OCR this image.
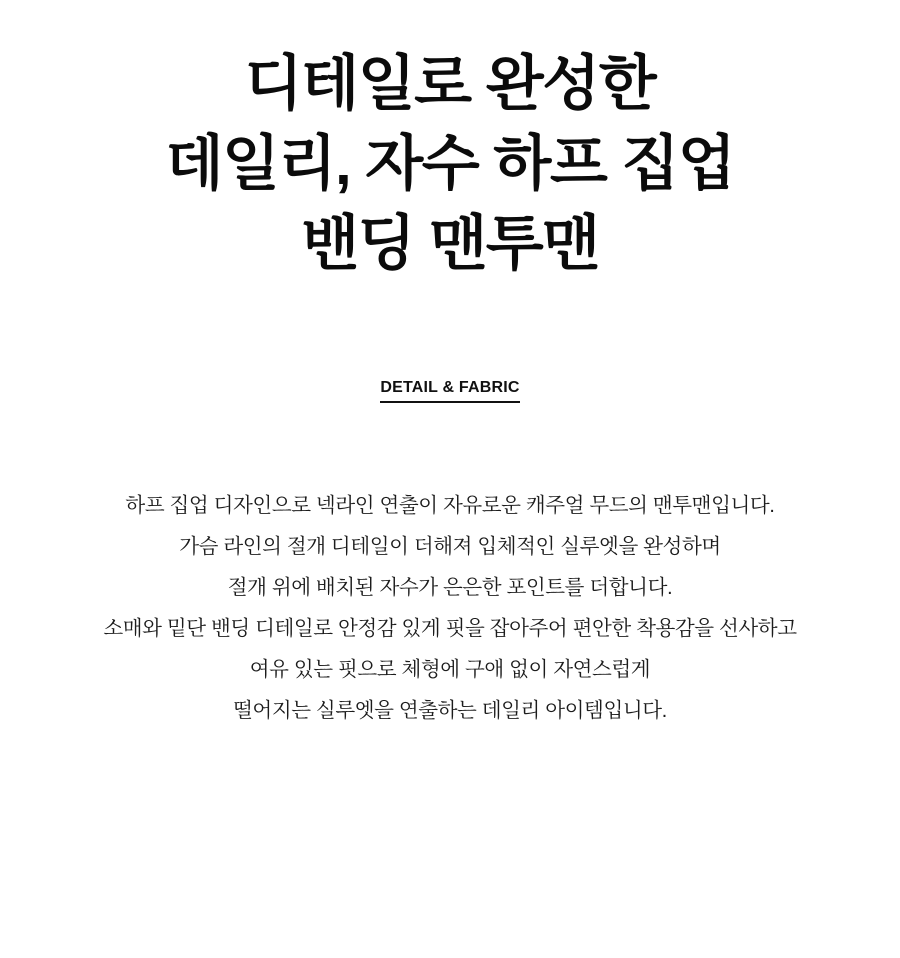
디테일로 완성한
데일리, 자수 하프 집업
밴딩 맨투맨
DETAIL & FABRIC
하프 집업 디자인으로 넥라인 연출이 자유로운 캐주얼 무드의 맨투맨입니다.
가슴 라인의 절개 디테일이 더해져 입체적인 실루엣을 완성하며
절개 위에 배치된 자수가 은은한 포인트를 더합니다.
소매와 밑단 밴딩 디테일로 안정감 있게 핏을 잡아주어 편안한 착용감을 선사하고
여유 있는 핏으로 체형에 구애 없이 자연스럽게
떨어지는 실루엣을 연출하는 데일리 아이템입니다.
